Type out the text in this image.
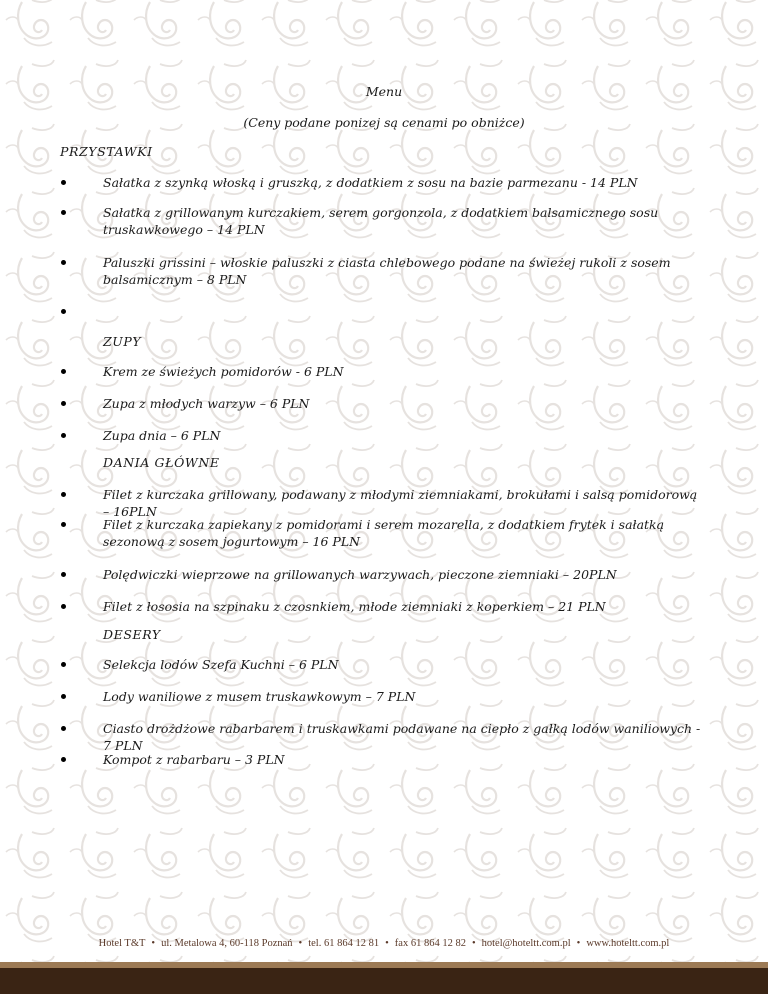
Menu
(Ceny podane ponizej są cenami po obniżce)
PRZYSTAWKI
Sałatka z szynką włoską i gruszką, z dodatkiem z sosu na bazie parmezanu - 14 PLN
Sałatka z grillowanym kurczakiem, serem gorgonzola, z dodatkiem balsamicznego sosu truskawkowego – 14 PLN
Paluszki grissini – włoskie paluszki z ciasta chlebowego podane na świeżej rukoli z sosem balsamicznym – 8 PLN
ZUPY
Krem ze świeżych pomidorów - 6 PLN
Zupa z młodych warzyw – 6 PLN
Zupa dnia – 6 PLN
DANIA GŁÓWNE
Filet z kurczaka grillowany, podawany z młodymi ziemniakami, brokułami i salsą pomidorową – 16PLN
Filet z kurczaka zapiekany z pomidorami i serem mozarella, z dodatkiem frytek i sałatką sezonową z sosem jogurtowym – 16 PLN
Polędwiczki wieprzowe na grillowanych warzywach, pieczone ziemniaki – 20PLN
Filet z łososia na szpinaku z czosnkiem, młode ziemniaki z koperkiem – 21 PLN
DESERY
Selekcja lodów Szefa Kuchni – 6 PLN
Lody waniliowe z musem truskawkowym – 7 PLN
Ciasto drożdżowe rabarbarem i truskawkami podawane na ciepło z gałką lodów waniliowych - 7 PLN
Kompot z rabarbaru – 3 PLN
Hotel T&T • ul. Metalowa 4, 60-118 Poznań • tel. 61 864 12 81 • fax 61 864 12 82 • hotel@hoteltt.com.pl • www.hoteltt.com.pl
